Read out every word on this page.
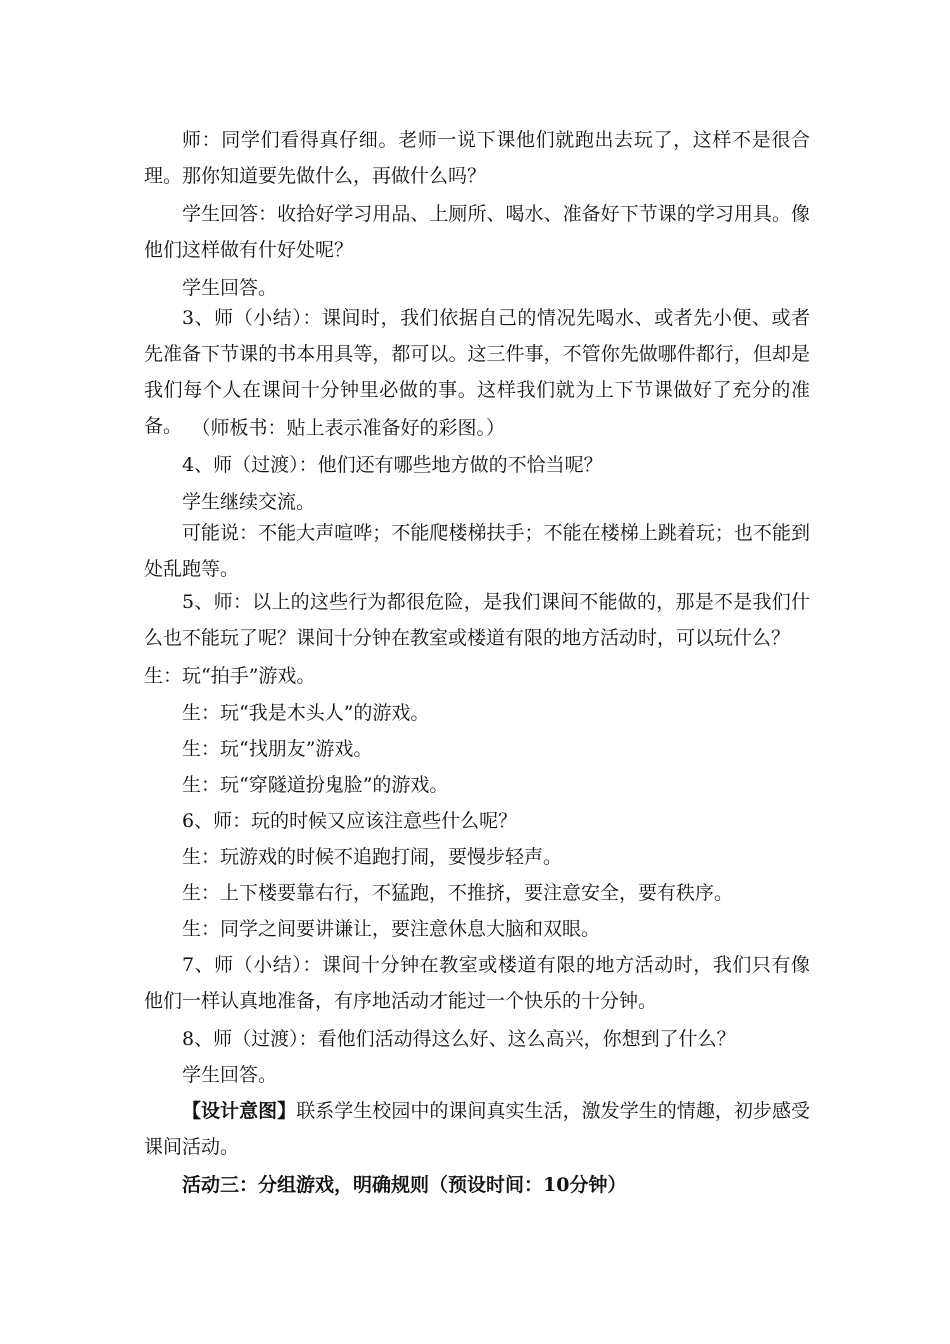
师：同学们看得真仔细。老师一说下课他们就跑出去玩了，这样不是很合理。那你知道要先做什么，再做什么吗？

学生回答：收拾好学习用品、上厕所、喝水、准备好下节课的学习用具。像他们这样做有什好处呢？

学生回答。

3、师（小结）：课间时，我们依据自己的情况先喝水、或者先小便、或者先准备下节课的书本用具等，都可以。这三件事，不管你先做哪件都行，但却是我们每个人在课间十分钟里必做的事。这样我们就为上下节课做好了充分的准备。 （师板书：贴上表示准备好的彩图。）

4、师（过渡）：他们还有哪些地方做的不恰当呢？

学生继续交流。

可能说：不能大声喧哗；不能爬楼梯扶手；不能在楼梯上跳着玩；也不能到处乱跑等。

5、师：以上的这些行为都很危险，是我们课间不能做的，那是不是我们什么也不能玩了呢？课间十分钟在教室或楼道有限的地方活动时，可以玩什么？

生：玩“拍手”游戏。

生：玩“我是木头人”的游戏。

生：玩“找朋友”游戏。

生：玩“穿隧道扮鬼脸”的游戏。

6、师：玩的时候又应该注意些什么呢？

生：玩游戏的时候不追跑打闹，要慢步轻声。

生：上下楼要靠右行，不猛跑，不推挤，要注意安全，要有秩序。

生：同学之间要讲谦让，要注意休息大脑和双眼。

7、师（小结）：课间十分钟在教室或楼道有限的地方活动时，我们只有像他们一样认真地准备，有序地活动才能过一个快乐的十分钟。

8、师（过渡）：看他们活动得这么好、这么高兴，你想到了什么？

学生回答。

【设计意图】联系学生校园中的课间真实生活，激发学生的情趣，初步感受课间活动。

活动三：分组游戏，明确规则（预设时间：10分钟）
